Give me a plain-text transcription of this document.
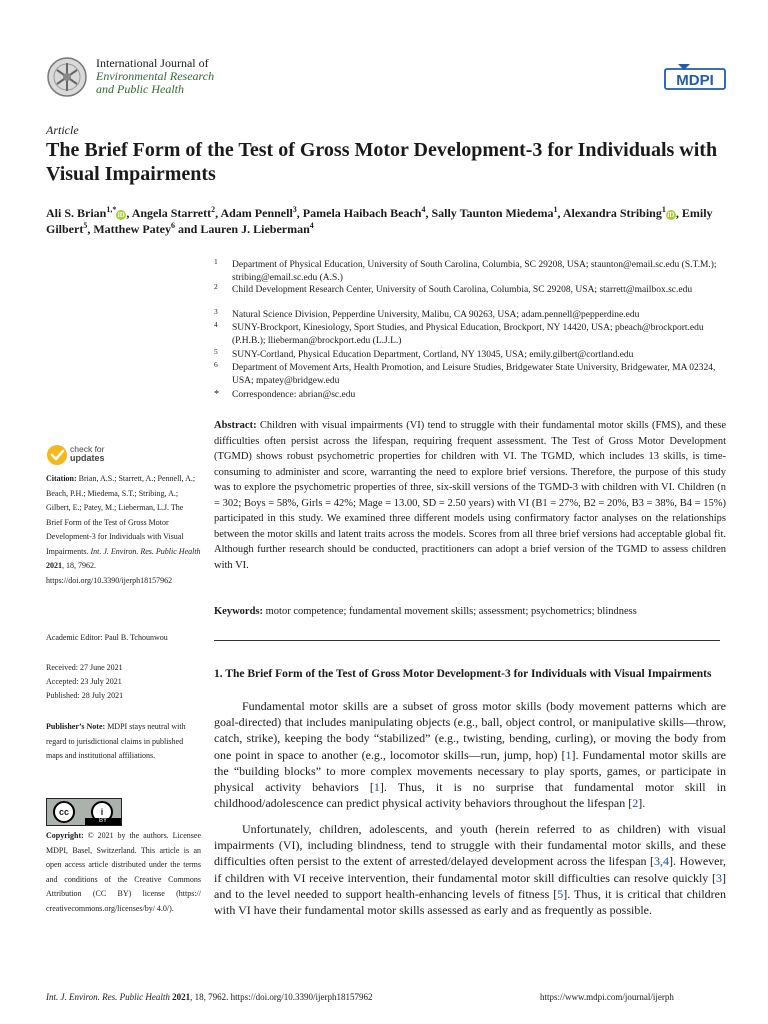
International Journal of
Environmental Research
and Public Health	MDPI
Article
The Brief Form of the Test of Gross Motor Development-3 for Individuals with Visual Impairments
Ali S. Brian$^{1,*}$iD , Angela Starrett$^2$, Adam Pennell$^3$, Pamela Haibach Beach$^4$, Sally Taunton Miedema$^1$, Alexandra Stribing$^1$iD , Emily Gilbert$^5$, Matthew Patey$^6$ and Lauren J. Lieberman$^4$
1 Department of Physical Education, University of South Carolina, Columbia, SC 29208, USA; staunton@email.sc.edu (S.T.M.); stribing@email.sc.edu (A.S.)
2 Child Development Research Center, University of South Carolina, Columbia, SC 29208, USA; starrett@mailbox.sc.edu
3 Natural Science Division, Pepperdine University, Malibu, CA 90263, USA; adam.pennell@pepperdine.edu
4 SUNY-Brockport, Kinesiology, Sport Studies, and Physical Education, Brockport, NY 14420, USA; pbeach@brockport.edu (P.H.B.); llieberman@brockport.edu (L.J.L.)
5 SUNY-Cortland, Physical Education Department, Cortland, NY 13045, USA; emily.gilbert@cortland.edu
6 Department of Movement Arts, Health Promotion, and Leisure Studies, Bridgewater State University, Bridgewater, MA 02324, USA; mpatey@bridgew.edu
* Correspondence: abrian@sc.edu
Abstract: Children with visual impairments (VI) tend to struggle with their fundamental motor skills (FMS), and these difficulties often persist across the lifespan, requiring frequent assessment. The Test of Gross Motor Development (TGMD) shows robust psychometric properties for children with VI. The TGMD, which includes 13 skills, is time-consuming to administer and score, warranting the need to explore brief versions. Therefore, the purpose of this study was to explore the psychometric properties of three, six-skill versions of the TGMD-3 with children with VI. Children (n = 302; Boys = 58%, Girls = 42%; Mage = 13.00, SD = 2.50 years) with VI (B1 = 27%, B2 = 20%, B3 = 38%, B4 = 15%) participated in this study. We examined three different models using confirmatory factor analyses on the relationships between the motor skills and latent traits across the models. Scores from all three brief versions had acceptable global fit. Although further research should be conducted, practitioners can adopt a brief version of the TGMD to assess children with VI.
Keywords: motor competence; fundamental movement skills; assessment; psychometrics; blindness
check for
updates
Citation: Brian, A.S.; Starrett, A.; Pennell, A.; Beach, P.H.; Miedema, S.T.; Stribing, A.; Gilbert, E.; Patey, M.; Lieberman, L.J. The Brief Form of the Test of Gross Motor Development-3 for Individuals with Visual Impairments. Int. J. Environ. Res. Public Health 2021, 18, 7962. https://doi.org/10.3390/ijerph18157962
Academic Editor: Paul B. Tchounwou
Received: 27 June 2021
Accepted: 23 July 2021
Published: 28 July 2021
Publisher’s Note: MDPI stays neutral with regard to jurisdictional claims in published maps and institutional affiliations.
cc	i
BY
Copyright: © 2021 by the authors. Licensee MDPI, Basel, Switzerland. This article is an open access article distributed under the terms and conditions of the Creative Commons Attribution (CC BY) license (https:// creativecommons.org/licenses/by/ 4.0/).
1. The Brief Form of the Test of Gross Motor Development-3 for Individuals with Visual Impairments
Fundamental motor skills are a subset of gross motor skills (body movement patterns which are goal-directed) that includes manipulating objects (e.g., ball, object control, or manipulative skills—throw, catch, strike), keeping the body “stabilized” (e.g., twisting, bending, curling), or moving the body from one point in space to another (e.g., locomotor skills—run, jump, hop) [1]. Fundamental motor skills are the “building blocks” to more complex movements necessary to play sports, games, or participate in physical activity behaviors [1]. Thus, it is no surprise that fundamental motor skill in childhood/adolescence can predict physical activity behaviors throughout the lifespan [2].
Unfortunately, children, adolescents, and youth (herein referred to as children) with visual impairments (VI), including blindness, tend to struggle with their fundamental motor skills, and these difficulties often persist to the extent of arrested/delayed development across the lifespan [3,4]. However, if children with VI receive intervention, their fundamental motor skill difficulties can resolve quickly [3] and to the level needed to support health-enhancing levels of fitness [5]. Thus, it is critical that children with VI have their fundamental motor skills assessed as early and as frequently as possible.
Int. J. Environ. Res. Public Health 2021, 18, 7962. https://doi.org/10.3390/ijerph18157962	https://www.mdpi.com/journal/ijerph
